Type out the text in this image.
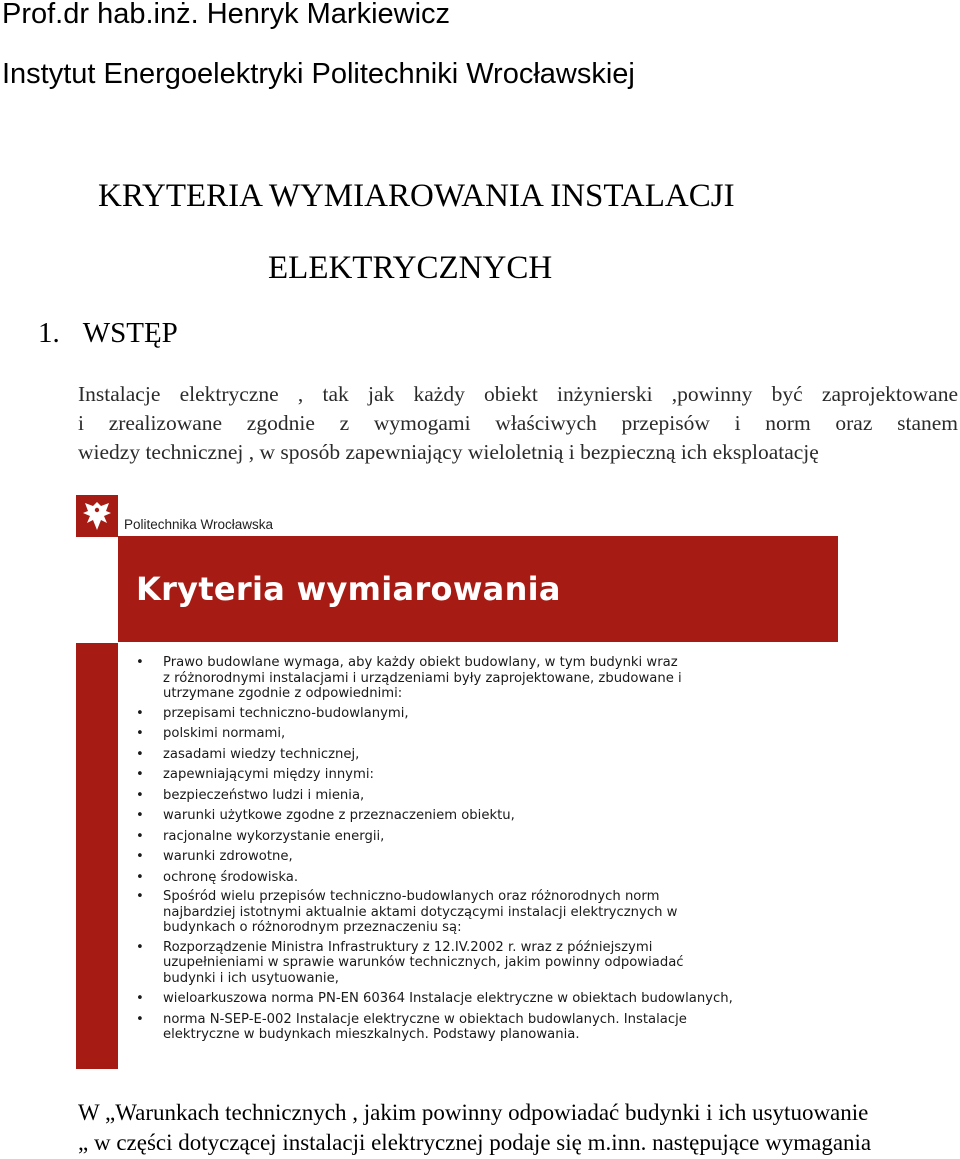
Prof.dr hab.inż. Henryk Markiewicz
Instytut Energoelektryki Politechniki Wrocławskiej
KRYTERIA WYMIAROWANIA INSTALACJI
ELEKTRYCZNYCH
1. WSTĘP
Instalacje elektryczne , tak jak każdy obiekt inżynierski ,powinny być zaprojektowane
i zrealizowane zgodnie z wymogami właściwych przepisów i norm oraz stanem
wiedzy technicznej , w sposób zapewniający wieloletnią i bezpieczną ich eksploatację
Politechnika Wrocławska
Kryteria wymiarowania
• Prawo budowlane wymaga, aby każdy obiekt budowlany, w tym budynki wraz
z różnorodnymi instalacjami i urządzeniami były zaprojektowane, zbudowane i
utrzymane zgodnie z odpowiednimi:
• przepisami techniczno-budowlanymi,
• polskimi normami,
• zasadami wiedzy technicznej,
• zapewniającymi między innymi:
• bezpieczeństwo ludzi i mienia,
• warunki użytkowe zgodne z przeznaczeniem obiektu,
• racjonalne wykorzystanie energii,
• warunki zdrowotne,
• ochronę środowiska.
• Spośród wielu przepisów techniczno-budowlanych oraz różnorodnych norm
najbardziej istotnymi aktualnie aktami dotyczącymi instalacji elektrycznych w
budynkach o różnorodnym przeznaczeniu są:
• Rozporządzenie Ministra Infrastruktury z 12.IV.2002 r. wraz z późniejszymi
uzupełnieniami w sprawie warunków technicznych, jakim powinny odpowiadać
budynki i ich usytuowanie,
• wieloarkuszowa norma PN-EN 60364 Instalacje elektryczne w obiektach budowlanych,
• norma N-SEP-E-002 Instalacje elektryczne w obiektach budowlanych. Instalacje
elektryczne w budynkach mieszkalnych. Podstawy planowania.
W „Warunkach technicznych , jakim powinny odpowiadać budynki i ich usytuowanie
„ w części dotyczącej instalacji elektrycznej podaje się m.inn. następujące wymagania
